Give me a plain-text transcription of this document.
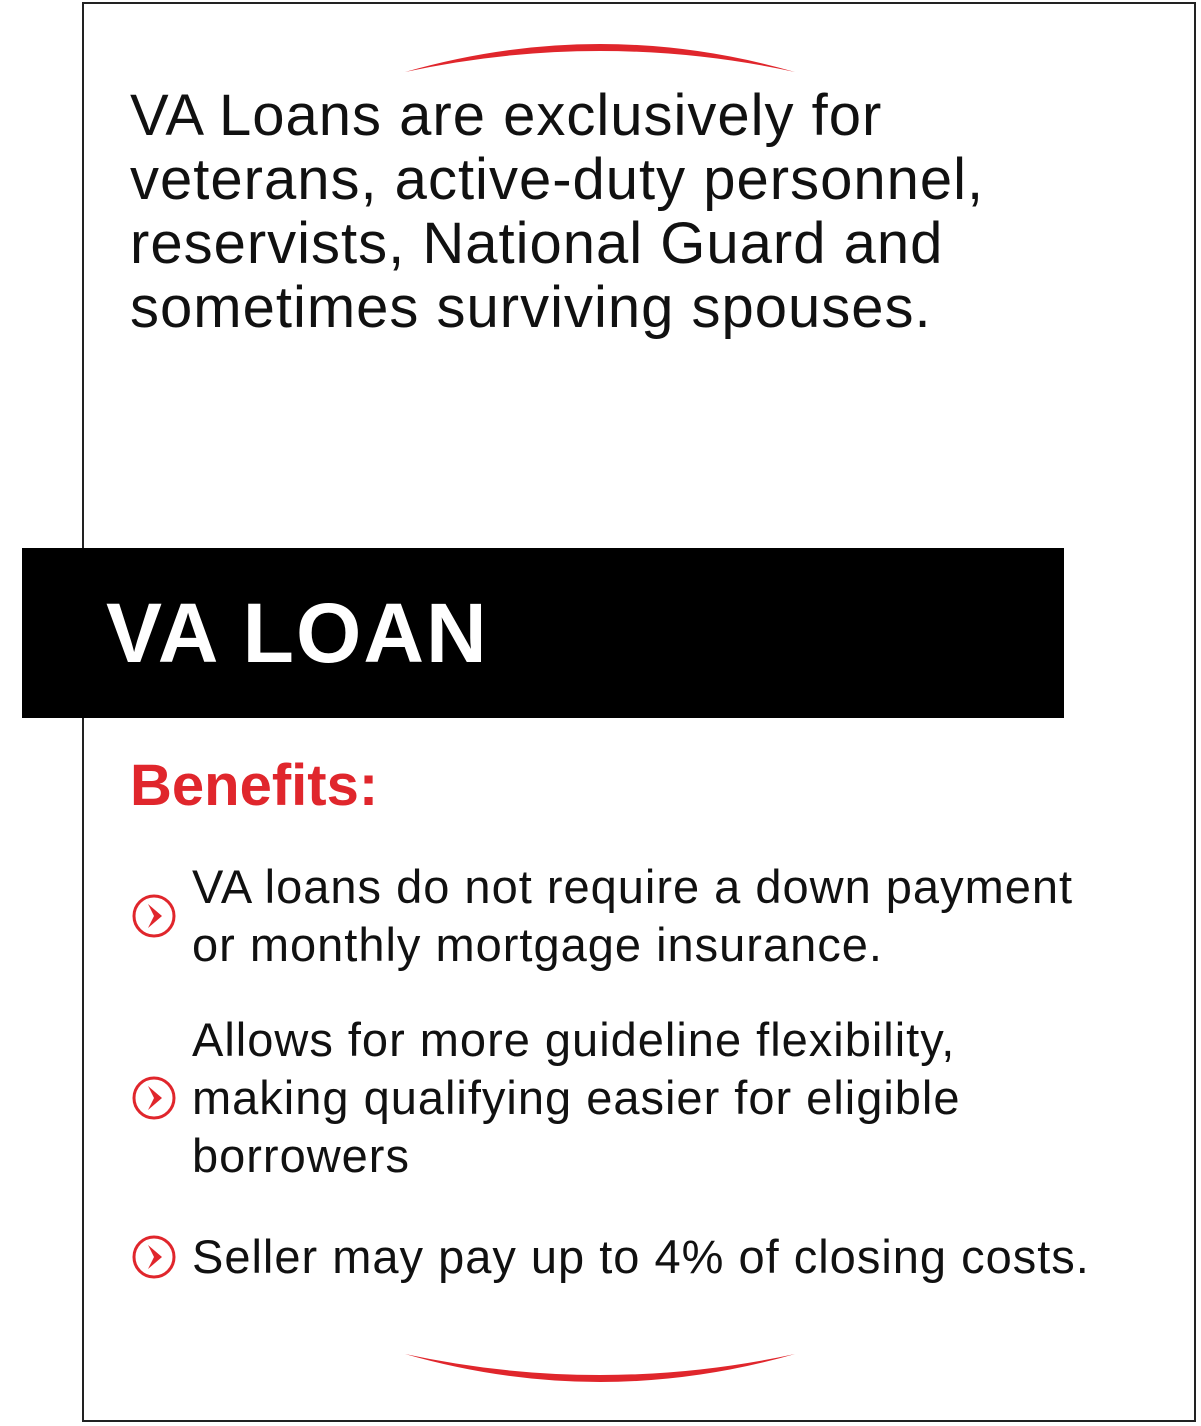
VA Loans are exclusively for veterans, active-duty personnel, reservists, National Guard and sometimes surviving spouses.

VA LOAN
Benefits:
VA loans do not require a down payment or monthly mortgage insurance.
Allows for more guideline flexibility, making qualifying easier for eligible borrowers
Seller may pay up to 4% of closing costs.
